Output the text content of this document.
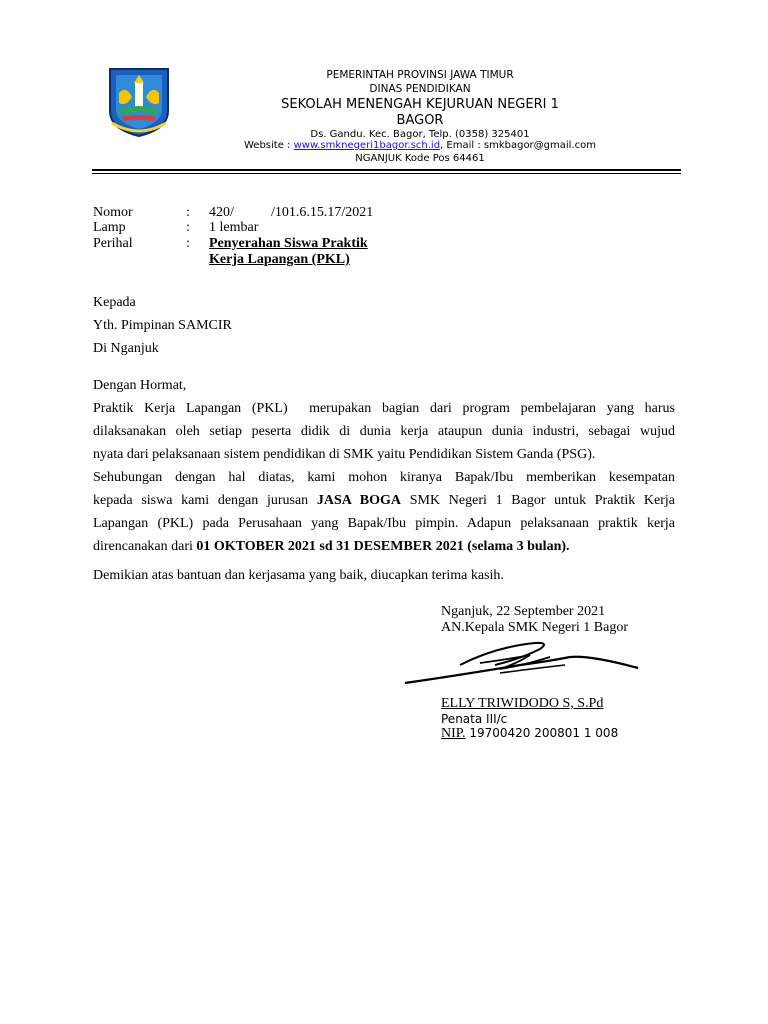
PEMERINTAH PROVINSI JAWA TIMUR
DINAS PENDIDIKAN
SEKOLAH MENENGAH KEJURUAN NEGERI 1
BAGOR
Ds. Gandu. Kec. Bagor, Telp. (0358) 325401
Website : www.smknegeri1bagor.sch.id, Email : smkbagor@gmail.com
NGANJUK Kode Pos 64461
Nomor	: 420/	/101.6.15.17/2021
Lamp	: 1 lembar
Perihal	: Penyerahan Siswa Praktik
Kerja Lapangan (PKL)
Kepada
Yth. Pimpinan SAMCIR
Di Nganjuk
Dengan Hormat,
Praktik Kerja Lapangan (PKL)  merupakan bagian dari program pembelajaran yang harus
dilaksanakan oleh setiap peserta didik di dunia kerja ataupun dunia industri, sebagai wujud
nyata dari pelaksanaan sistem pendidikan di SMK yaitu Pendidikan Sistem Ganda (PSG).
Sehubungan dengan hal diatas, kami mohon kiranya Bapak/Ibu memberikan kesempatan
kepada siswa kami dengan jurusan JASA BOGA SMK Negeri 1 Bagor untuk Praktik Kerja
Lapangan (PKL) pada Perusahaan yang Bapak/Ibu pimpin. Adapun pelaksanaan praktik kerja
direncanakan dari 01 OKTOBER 2021 sd 31 DESEMBER 2021 (selama 3 bulan).
Demikian atas bantuan dan kerjasama yang baik, diucapkan terima kasih.
Nganjuk, 22 September 2021
AN.Kepala SMK Negeri 1 Bagor
ELLY TRIWIDODO S, S.Pd
Penata III/c
NIP. 19700420 200801 1 008
